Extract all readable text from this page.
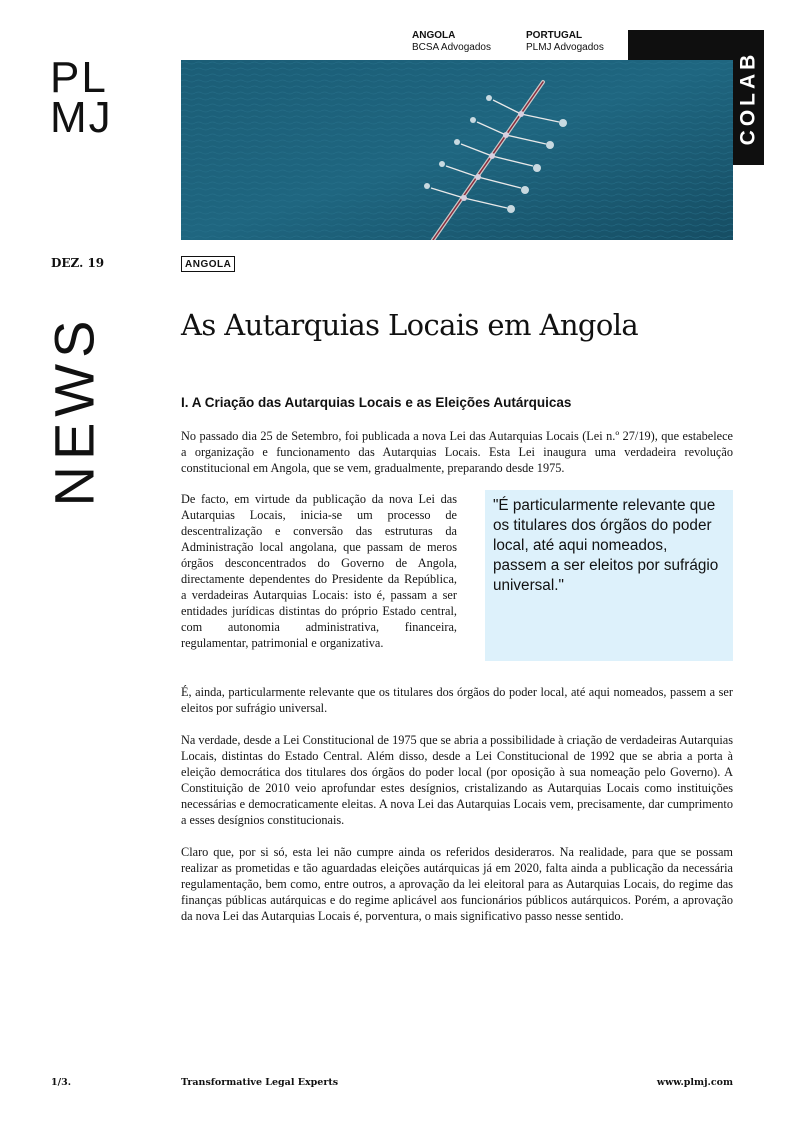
PL
MJ
ANGOLA
BCSA Advogados
PORTUGAL
PLMJ Advogados
COLAB
DEZ. 19	ANGOLA
NEWS	As Autarquias Locais em Angola
I. A Criação das Autarquias Locais e as Eleições Autárquicas

No passado dia 25 de Setembro, foi publicada a nova Lei das Autarquias Locais (Lei n.º 27/19), que estabelece a organização e funcionamento das Autarquias Locais. Esta Lei inaugura uma verdadeira revolução constitucional em Angola, que se vem, gradualmente, preparando desde 1975.

De facto, em virtude da publicação da nova Lei das Autarquias Locais, inicia-se um processo de descentralização e conversão das estruturas da Administração local angolana, que passam de meros órgãos desconcentrados do Governo de Angola, directamente dependentes do Presidente da República, a verdadeiras Autarquias Locais: isto é, passam a ser entidades jurídicas distintas do próprio Estado central, com autonomia administrativa, financeira, regulamentar, patrimonial e organizativa.

"É particularmente relevante que os titulares dos órgãos do poder local, até aqui nomeados, passem a ser eleitos por sufrágio universal."

É, ainda, particularmente relevante que os titulares dos órgãos do poder local, até aqui nomeados, passem a ser eleitos por sufrágio universal.

Na verdade, desde a Lei Constitucional de 1975 que se abria a possibilidade à criação de verdadeiras Autarquias Locais, distintas do Estado Central. Além disso, desde a Lei Constitucional de 1992 que se abria a porta à eleição democrática dos titulares dos órgãos do poder local (por oposição à sua nomeação pelo Governo). A Constituição de 2010 veio aprofundar estes desígnios, cristalizando as Autarquias Locais como instituições necessárias e democraticamente eleitas. A nova Lei das Autarquias Locais vem, precisamente, dar cumprimento a esses desígnios constitucionais.

Claro que, por si só, esta lei não cumpre ainda os referidos desiderатos. Na realidade, para que se possam realizar as prometidas e tão aguardadas eleições autárquicas já em 2020, falta ainda a publicação da necessária regulamentação, bem como, entre outros, a aprovação da lei eleitoral para as Autarquias Locais, do regime das finanças públicas autárquicas e do regime aplicável aos funcionários públicos autárquicos. Porém, a aprovação da nova Lei das Autarquias Locais é, porventura, o mais significativo passo nesse sentido.

1/3.	Transformative Legal Experts	www.plmj.com
